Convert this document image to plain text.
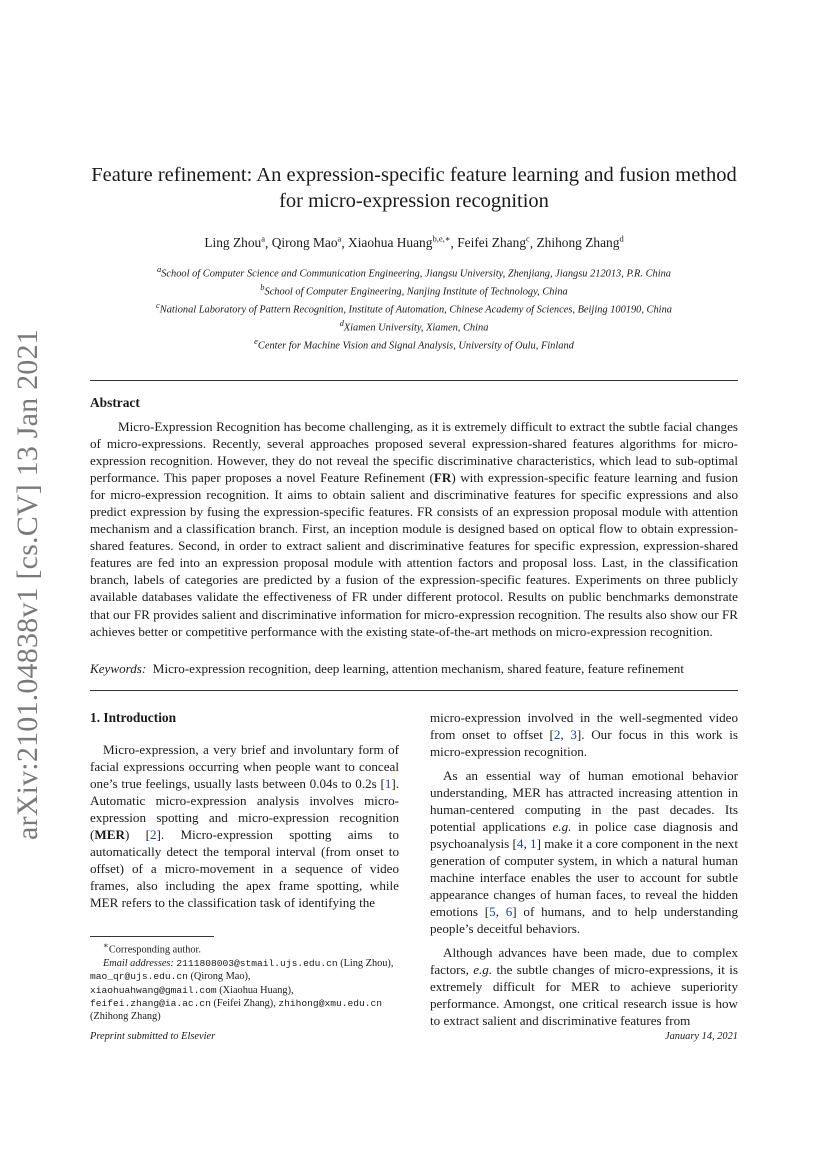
arXiv:2101.04838v1 [cs.CV] 13 Jan 2021
Feature refinement: An expression-specific feature learning and fusion method
for micro-expression recognition
Ling Zhou$^a$, Qirong Mao$^a$, Xiaohua Huang$^{b,e,∗}$, Feifei Zhang$^c$, Zhihong Zhang$^d$
$^a$School of Computer Science and Communication Engineering, Jiangsu University, Zhenjiang, Jiangsu 212013, P.R. China
$^b$School of Computer Engineering, Nanjing Institute of Technology, China
$^c$National Laboratory of Pattern Recognition, Institute of Automation, Chinese Academy of Sciences, Beijing 100190, China
$^d$Xiamen University, Xiamen, China
$^e$Center for Machine Vision and Signal Analysis, University of Oulu, Finland
Abstract
Micro-Expression Recognition has become challenging, as it is extremely difficult to extract the subtle facial changes of micro-expressions. Recently, several approaches proposed several expression-shared features algorithms for micro-expression recognition. However, they do not reveal the specific discriminative characteristics, which lead to sub-optimal performance. This paper proposes a novel Feature Refinement (FR) with expression-specific feature learning and fusion for micro-expression recognition. It aims to obtain salient and discriminative features for specific expressions and also predict expression by fusing the expression-specific features. FR consists of an expression proposal module with attention mechanism and a classification branch. First, an inception module is designed based on optical flow to obtain expression-shared features. Second, in order to extract salient and discriminative features for specific expression, expression-shared features are fed into an expression proposal module with attention factors and proposal loss. Last, in the classification branch, labels of categories are predicted by a fusion of the expression-specific features. Experiments on three publicly available databases validate the effectiveness of FR under different protocol. Results on public benchmarks demonstrate that our FR provides salient and discriminative information for micro-expression recognition. The results also show our FR achieves better or competitive performance with the existing state-of-the-art methods on micro-expression recognition.
Keywords: Micro-expression recognition, deep learning, attention mechanism, shared feature, feature refinement
1. Introduction

Micro-expression, a very brief and involuntary form of facial expressions occurring when people want to conceal one’s true feelings, usually lasts between 0.04s to 0.2s [1]. Automatic micro-expression analysis involves micro-expression spotting and micro-expression recognition (MER) [2]. Micro-expression spotting aims to automatically detect the temporal interval (from onset to offset) of a micro-movement in a sequence of video frames, also including the apex frame spotting, while MER refers to the classification task of identifying the

∗Corresponding author.
Email addresses: 2111808003@stmail.ujs.edu.cn (Ling Zhou), mao_qr@ujs.edu.cn (Qirong Mao),
xiaohuahwang@gmail.com (Xiaohua Huang),
feifei.zhang@ia.ac.cn (Feifei Zhang), zhihong@xmu.edu.cn (Zhihong Zhang)

micro-expression involved in the well-segmented video from onset to offset [2, 3]. Our focus in this work is micro-expression recognition.

As an essential way of human emotional behavior understanding, MER has attracted increasing attention in human-centered computing in the past decades. Its potential applications e.g. in police case diagnosis and psychoanalysis [4, 1] make it a core component in the next generation of computer system, in which a natural human machine interface enables the user to account for subtle appearance changes of human faces, to reveal the hidden emotions [5, 6] of humans, and to help understanding people’s deceitful behaviors.

Although advances have been made, due to complex factors, e.g. the subtle changes of micro-expressions, it is extremely difficult for MER to achieve superiority performance. Amongst, one critical research issue is how to extract salient and discriminative features from

Preprint submitted to Elsevier	January 14, 2021
